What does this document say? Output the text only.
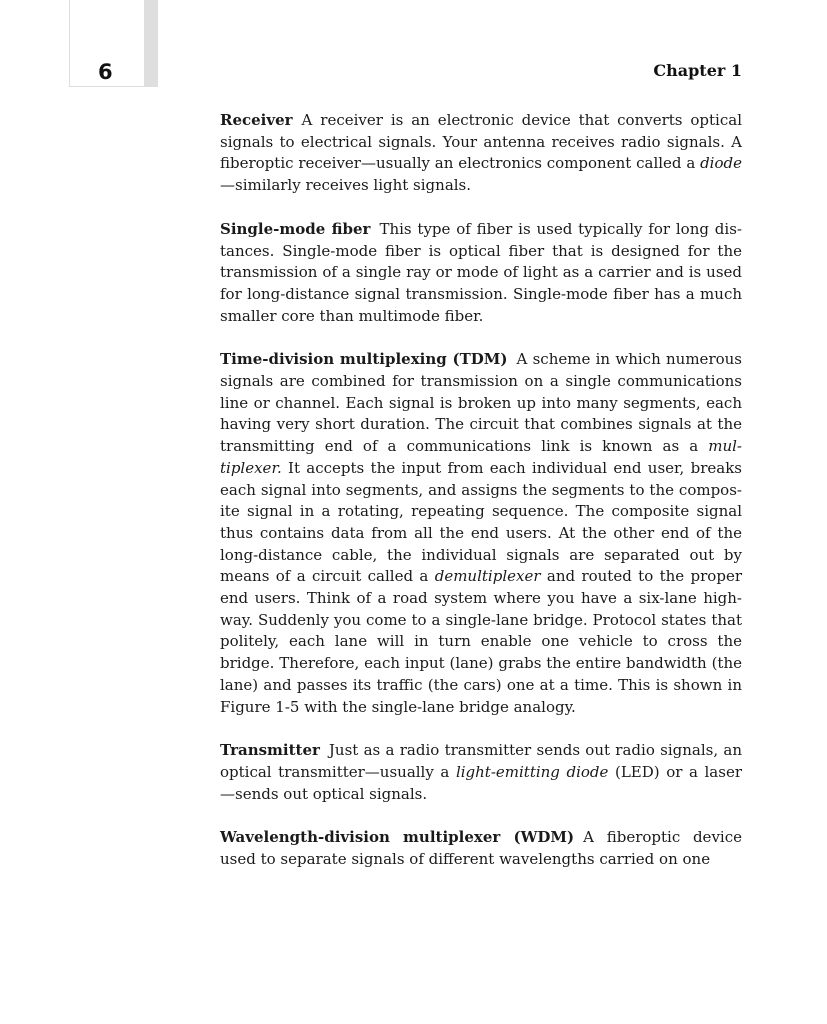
6	Chapter 1

Receiver A receiver is an electronic device that converts optical signals to electrical signals. Your antenna receives radio signals. A fiberoptic receiver—usually an electronics component called a diode—similarly receives light signals.

Single-mode fiber This type of fiber is used typically for long distances. Single-mode fiber is optical fiber that is designed for the transmission of a single ray or mode of light as a carrier and is used for long-distance signal transmission. Single-mode fiber has a much smaller core than multimode fiber.

Time-division multiplexing (TDM) A scheme in which numerous signals are combined for transmission on a single communications line or channel. Each signal is broken up into many segments, each having very short duration. The circuit that combines signals at the transmitting end of a communications link is known as a multiplexer. It accepts the input from each individual end user, breaks each signal into segments, and assigns the segments to the composite signal in a rotating, repeating sequence. The composite signal thus contains data from all the end users. At the other end of the long-distance cable, the individual signals are separated out by means of a circuit called a demultiplexer and routed to the proper end users. Think of a road system where you have a six-lane highway. Suddenly you come to a single-lane bridge. Protocol states that politely, each lane will in turn enable one vehicle to cross the bridge. Therefore, each input (lane) grabs the entire bandwidth (the lane) and passes its traffic (the cars) one at a time. This is shown in Figure 1-5 with the single-lane bridge analogy.

Transmitter Just as a radio transmitter sends out radio signals, an optical transmitter—usually a light-emitting diode (LED) or a laser—sends out optical signals.

Wavelength-division multiplexer (WDM) A fiberoptic device used to separate signals of different wavelengths carried on one
